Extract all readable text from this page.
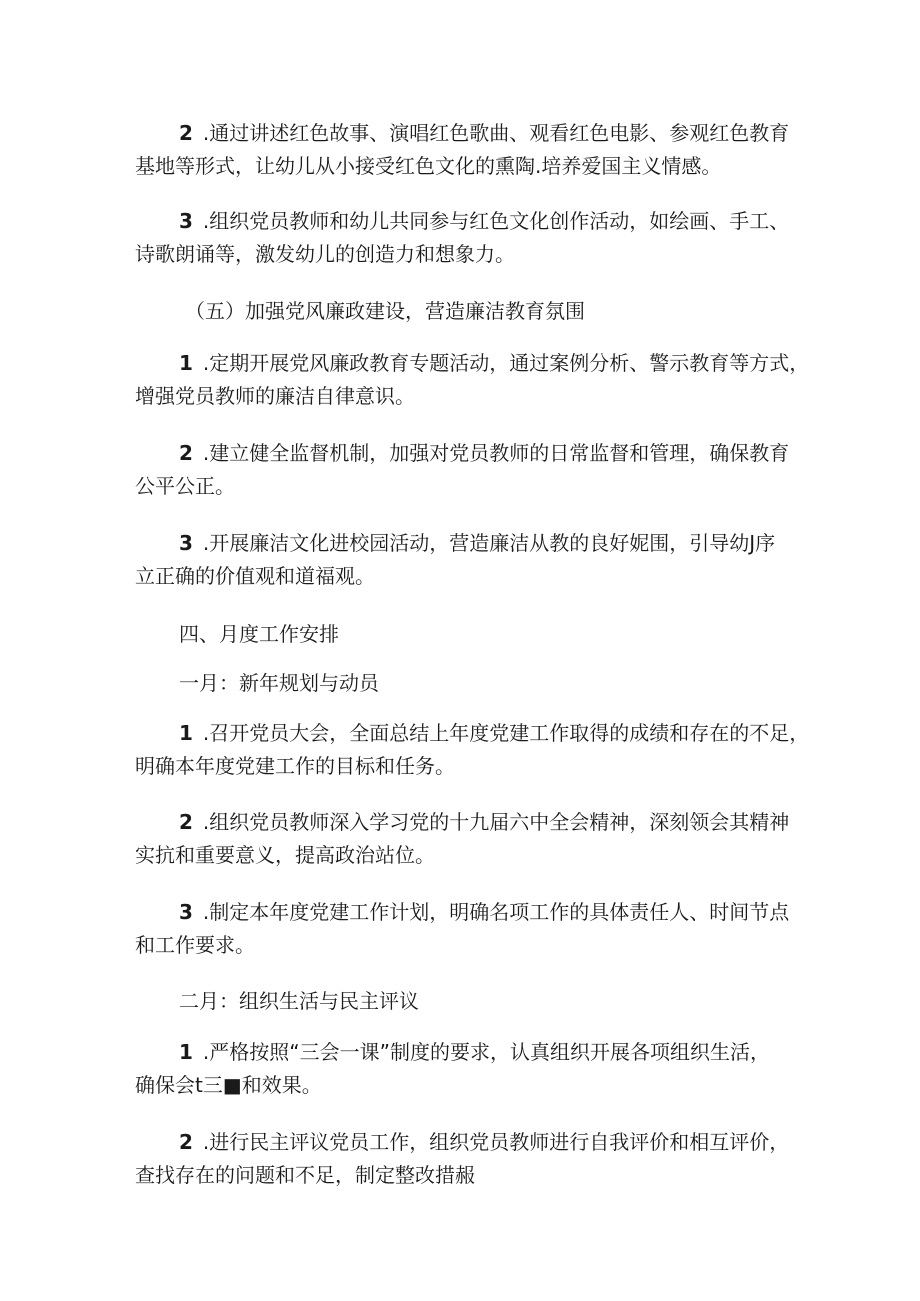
2 .通过讲述红色故事、演唱红色歌曲、观看红色电影、参观红色教育
基地等形式，让幼儿从小接受红色文化的熏陶.培养爱国主义情感。

3 .组织党员教师和幼儿共同参与红色文化创作活动，如绘画、手工、
诗歌朗诵等，激发幼儿的创造力和想象力。

（五）加强党风廉政建设，营造廉洁教育氛围

1 .定期开展党风廉政教育专题活动，通过案例分析、警示教育等方式，
增强党员教师的廉洁自律意识。

2 .建立健全监督机制，加强对党员教师的日常监督和管理，确保教育
公平公正。

3 .开展廉洁文化进校园活动，营造廉洁从教的良好妮围，引导幼J序
立正确的价值观和道福观。

四、月度工作安排

一月：新年规划与动员

1 .召开党员大会，全面总结上年度党建工作取得的成绩和存在的不足，
明确本年度党建工作的目标和任务。

2 .组织党员教师深入学习党的十九届六中全会精神，深刻领会其精神
实抗和重要意义，提高政治站位。

3 .制定本年度党建工作计划，明确名项工作的具体责任人、时间节点
和工作要求。

二月：组织生活与民主评议

1 .严格按照“三会一课”制度的要求，认真组织开展各项组织生活，
确保会t三■和效果。

2 .进行民主评议党员工作，组织党员教师进行自我评价和相互评价，
查找存在的问题和不足，制定整改措赧
